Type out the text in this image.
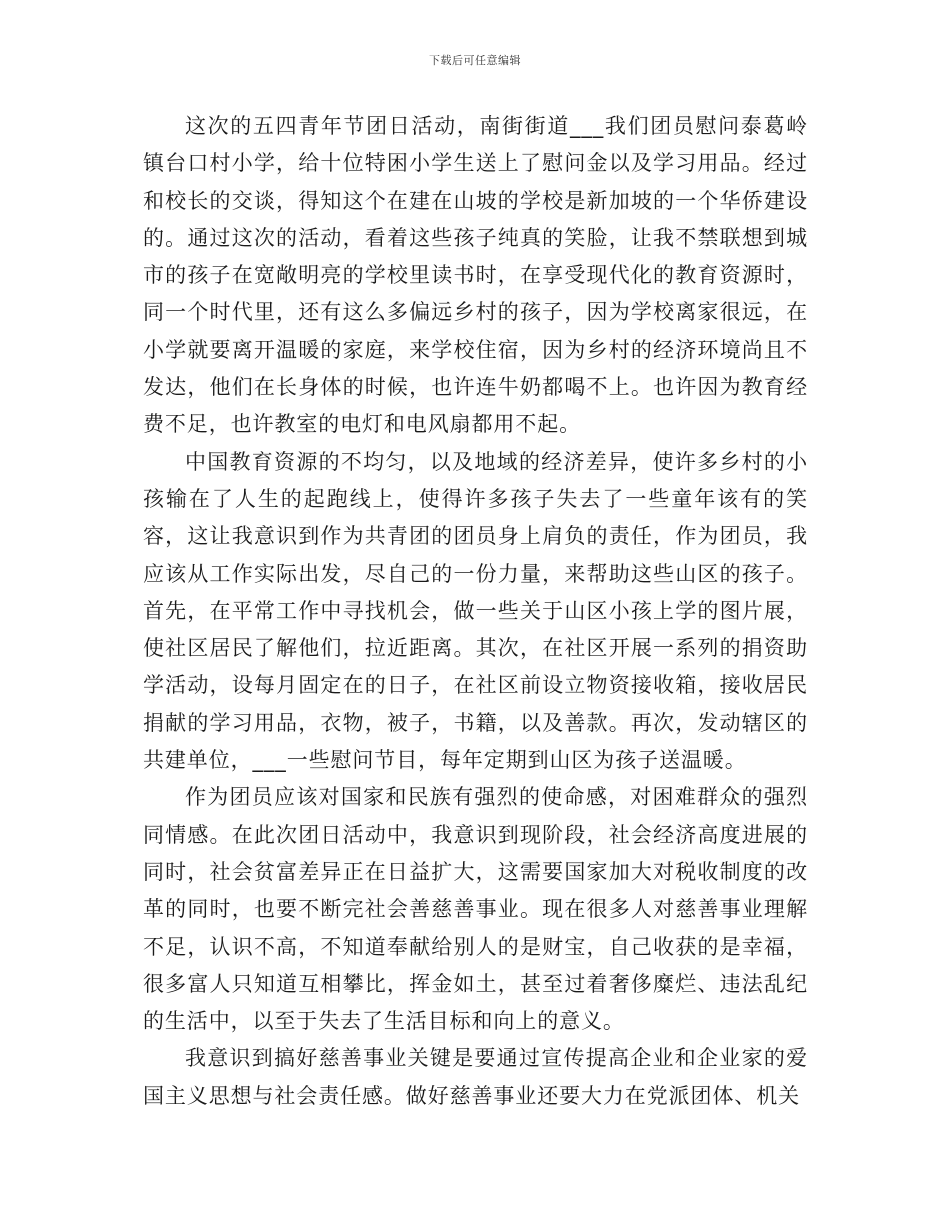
下载后可任意编辑

这次的五四青年节团日活动，南街街道___我们团员慰问泰葛岭镇台口村小学，给十位特困小学生送上了慰问金以及学习用品。经过和校长的交谈，得知这个在建在山坡的学校是新加坡的一个华侨建设的。通过这次的活动，看着这些孩子纯真的笑脸，让我不禁联想到城市的孩子在宽敞明亮的学校里读书时，在享受现代化的教育资源时，同一个时代里，还有这么多偏远乡村的孩子，因为学校离家很远，在小学就要离开温暖的家庭，来学校住宿，因为乡村的经济环境尚且不发达，他们在长身体的时候，也许连牛奶都喝不上。也许因为教育经费不足，也许教室的电灯和电风扇都用不起。

中国教育资源的不均匀，以及地域的经济差异，使许多乡村的小孩输在了人生的起跑线上，使得许多孩子失去了一些童年该有的笑容，这让我意识到作为共青团的团员身上肩负的责任，作为团员，我应该从工作实际出发，尽自己的一份力量，来帮助这些山区的孩子。首先，在平常工作中寻找机会，做一些关于山区小孩上学的图片展，使社区居民了解他们，拉近距离。其次，在社区开展一系列的捐资助学活动，设每月固定在的日子，在社区前设立物资接收箱，接收居民捐献的学习用品，衣物，被子，书籍，以及善款。再次，发动辖区的共建单位，___一些慰问节目，每年定期到山区为孩子送温暖。

作为团员应该对国家和民族有强烈的使命感，对困难群众的强烈同情感。在此次团日活动中，我意识到现阶段，社会经济高度进展的同时，社会贫富差异正在日益扩大，这需要国家加大对税收制度的改革的同时，也要不断完社会善慈善事业。现在很多人对慈善事业理解不足，认识不高，不知道奉献给别人的是财宝，自己收获的是幸福，很多富人只知道互相攀比，挥金如土，甚至过着奢侈糜烂、违法乱纪的生活中，以至于失去了生活目标和向上的意义。

我意识到搞好慈善事业关键是要通过宣传提高企业和企业家的爱国主义思想与社会责任感。做好慈善事业还要大力在党派团体、机关
